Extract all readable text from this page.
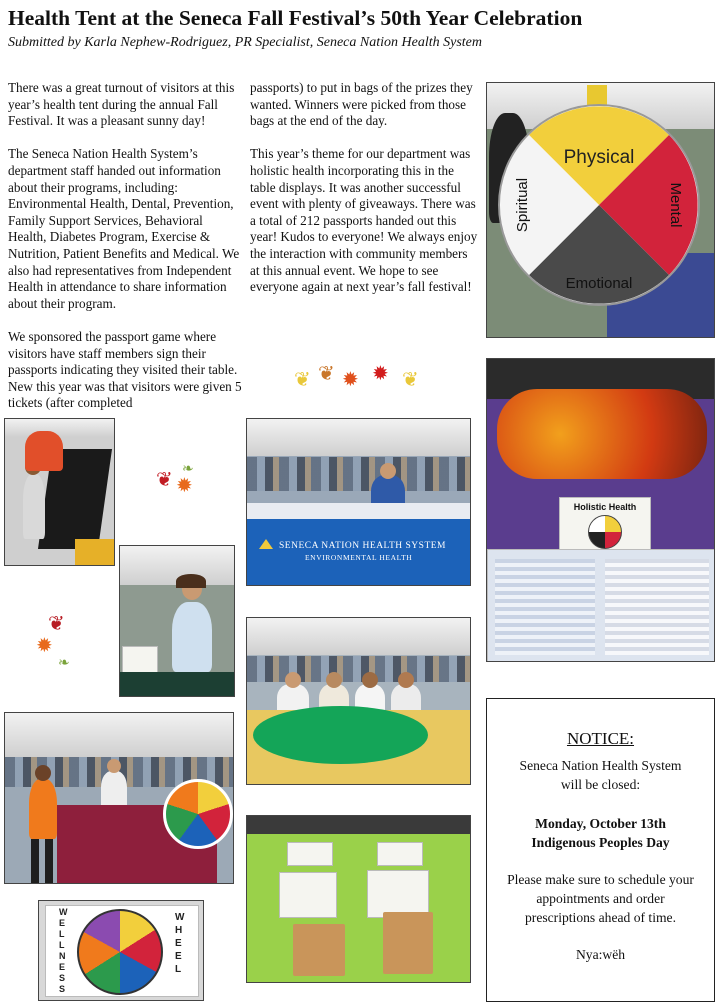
Health Tent at the Seneca Fall Festival’s 50th Year Celebration
Submitted by Karla Nephew-Rodriguez, PR Specialist, Seneca Nation Health System

There was a great turnout of visitors at this year’s health tent during the annual Fall Festival. It was a pleasant sunny day!

The Seneca Nation Health System’s department staff handed out information about their programs, including: Environmental Health, Dental, Prevention, Family Support Services, Behavioral Health, Diabetes Program, Exercise & Nutrition, Patient Benefits and Medical. We also had representatives from Independent Health in attendance to share information about their program.

We sponsored the passport game where visitors have staff members sign their passports indicating they visited their table. New this year was that visitors were given 5 tickets (after completed

passports) to put in bags of the prizes they wanted. Winners were picked from those bags at the end of the day.

This year’s theme for our department was holistic health incorporating this in the table displays. It was another successful event with plenty of giveaways. There was a total of 212 passports handed out this year! Kudos to everyone! We always enjoy the interaction with community members at this annual event. We hope to see everyone again at next year’s fall festival!

Physical
Mental
Emotional
Spiritual
Holistic Health
SENECA NATION HEALTH SYSTEM
ENVIRONMENTAL HEALTH
WELLNESS
WHEEL
❦ ❦ ✹ ✹ ❦
❦ ✹
❧
❦
✹
❧
NOTICE:
Seneca Nation Health System
will be closed:
Monday, October 13th
Indigenous Peoples Day
Please make sure to schedule your
appointments and order
prescriptions ahead of time.
Nya:wëh
